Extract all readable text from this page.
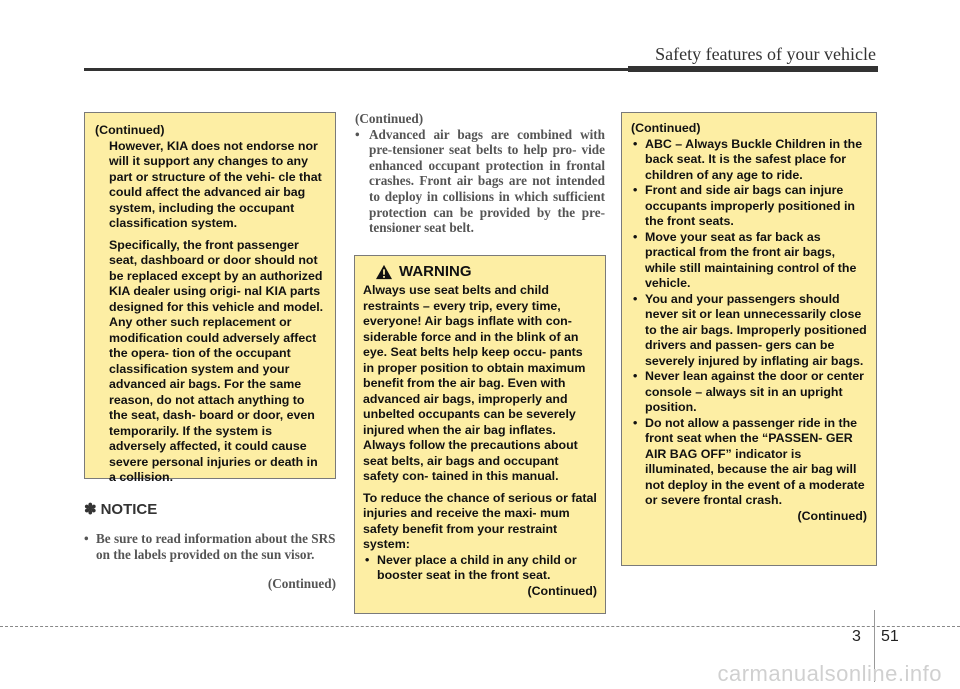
Safety features of your vehicle

(Continued)

However, KIA does not endorse nor will it support any changes to any part or structure of the vehi- cle that could affect the advanced air bag system, including the occupant classification system.

Specifically, the front passenger seat, dashboard or door should not be replaced except by an authorized KIA dealer using origi- nal KIA parts designed for this vehicle and model. Any other such replacement or modification could adversely affect the opera- tion of the occupant classification system and your advanced air bags. For the same reason, do not attach anything to the seat, dash- board or door, even temporarily. If the system is adversely affected, it could cause severe personal injuries or death in a collision.

✽ NOTICE

• Be sure to read information about the SRS on the labels provided on the sun visor.

(Continued)

(Continued)

• Advanced air bags are combined with pre-tensioner seat belts to help pro- vide enhanced occupant protection in frontal crashes. Front air bags are not intended to deploy in collisions in which sufficient protection can be provided by the pre-tensioner seat belt.

WARNING

Always use seat belts and child restraints – every trip, every time, everyone! Air bags inflate with con- siderable force and in the blink of an eye. Seat belts help keep occu- pants in proper position to obtain maximum benefit from the air bag. Even with advanced air bags, improperly and unbelted occupants can be severely injured when the air bag inflates. Always follow the precautions about seat belts, air bags and occupant safety con- tained in this manual.

To reduce the chance of serious or fatal injuries and receive the maxi- mum safety benefit from your restraint system:

• Never place a child in any child or booster seat in the front seat.

(Continued)

(Continued)

• ABC – Always Buckle Children in the back seat. It is the safest place for children of any age to ride.

• Front and side air bags can injure occupants improperly positioned in the front seats.

• Move your seat as far back as practical from the front air bags, while still maintaining control of the vehicle.

• You and your passengers should never sit or lean unnecessarily close to the air bags. Improperly positioned drivers and passen- gers can be severely injured by inflating air bags.

• Never lean against the door or center console – always sit in an upright position.

• Do not allow a passenger ride in the front seat when the “PASSEN- GER AIR BAG OFF” indicator is illuminated, because the air bag will not deploy in the event of a moderate or severe frontal crash.

(Continued)

3 51
carmanualsonline.info
